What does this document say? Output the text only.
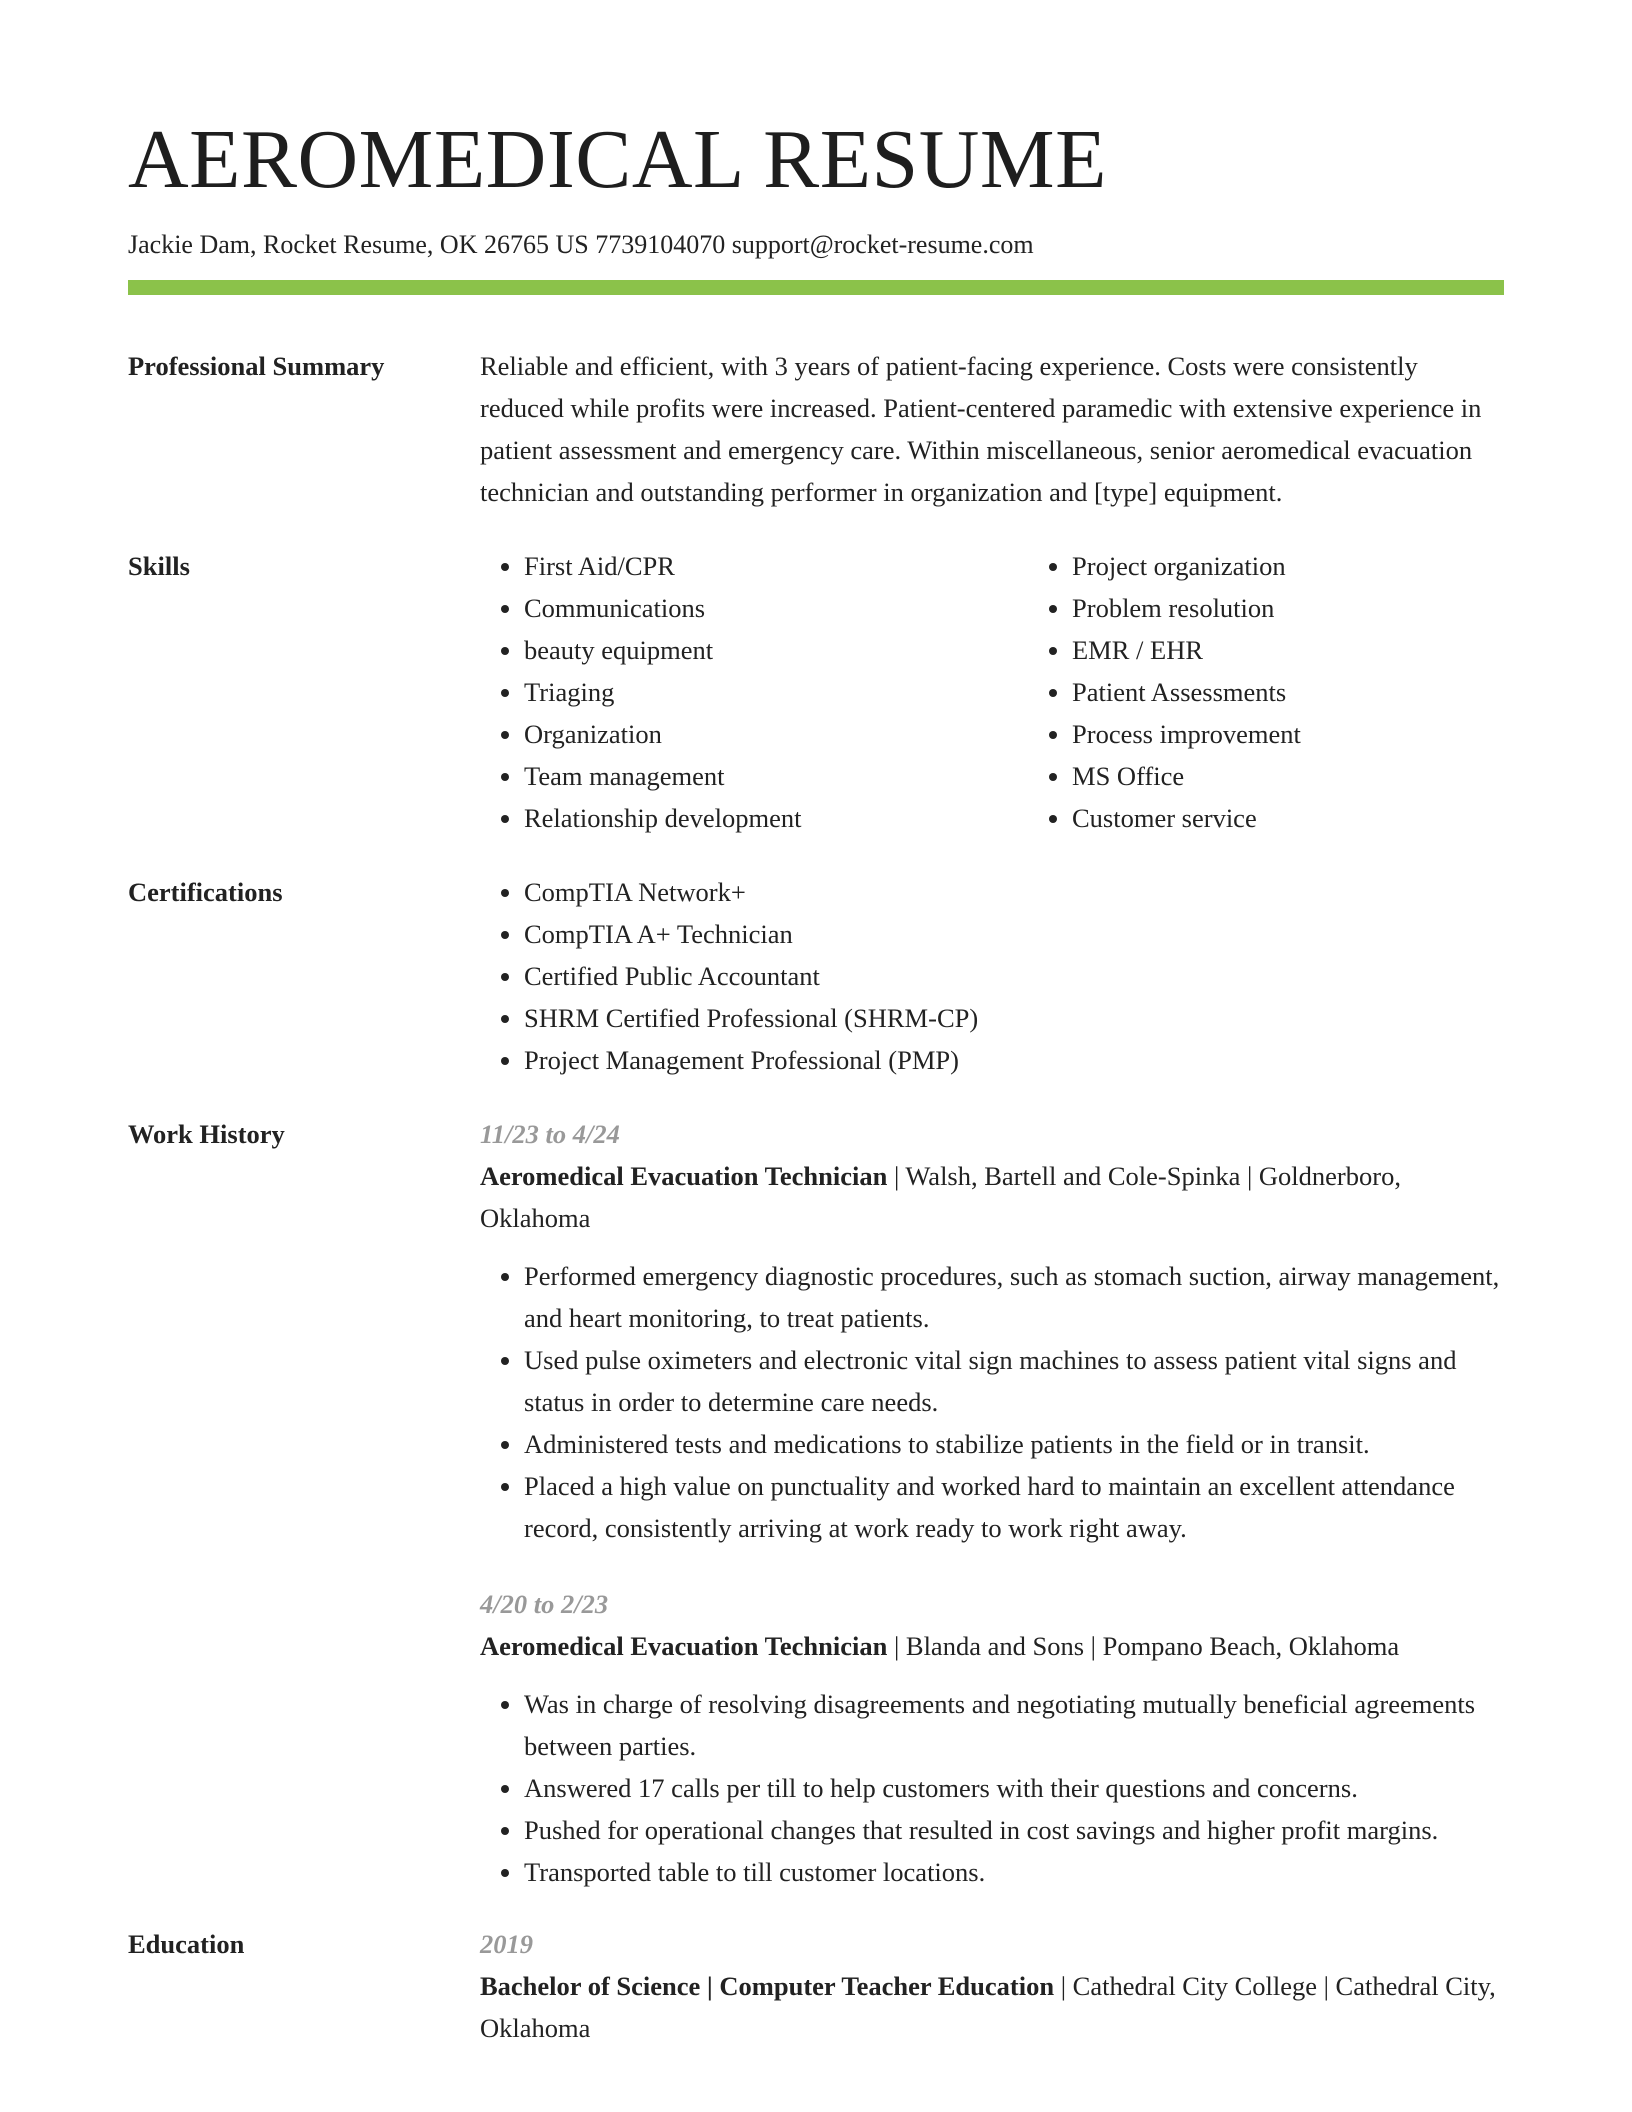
AEROMEDICAL RESUME
Jackie Dam, Rocket Resume, OK 26765 US 7739104070 support@rocket-resume.com
Professional Summary	Reliable and efficient, with 3 years of patient-facing experience. Costs were consistently reduced while profits were increased. Patient-centered paramedic with extensive experience in patient assessment and emergency care. Within miscellaneous, senior aeromedical evacuation technician and outstanding performer in organization and [type] equipment.
Skills	• First Aid/CPR
• Communications
• beauty equipment
• Triaging
• Organization
• Team management
• Relationship development
• Project organization
• Problem resolution
• EMR / EHR
• Patient Assessments
• Process improvement
• MS Office
• Customer service
Certifications	• CompTIA Network+
• CompTIA A+ Technician
• Certified Public Accountant
• SHRM Certified Professional (SHRM-CP)
• Project Management Professional (PMP)
Work History	11/23 to 4/24
Aeromedical Evacuation Technician | Walsh, Bartell and Cole-Spinka | Goldnerboro, Oklahoma
• Performed emergency diagnostic procedures, such as stomach suction, airway management, and heart monitoring, to treat patients.
• Used pulse oximeters and electronic vital sign machines to assess patient vital signs and status in order to determine care needs.
• Administered tests and medications to stabilize patients in the field or in transit.
• Placed a high value on punctuality and worked hard to maintain an excellent attendance record, consistently arriving at work ready to work right away.
4/20 to 2/23
Aeromedical Evacuation Technician | Blanda and Sons | Pompano Beach, Oklahoma
• Was in charge of resolving disagreements and negotiating mutually beneficial agreements between parties.
• Answered 17 calls per till to help customers with their questions and concerns.
• Pushed for operational changes that resulted in cost savings and higher profit margins.
• Transported table to till customer locations.
Education	2019
Bachelor of Science | Computer Teacher Education | Cathedral City College | Cathedral City, Oklahoma
